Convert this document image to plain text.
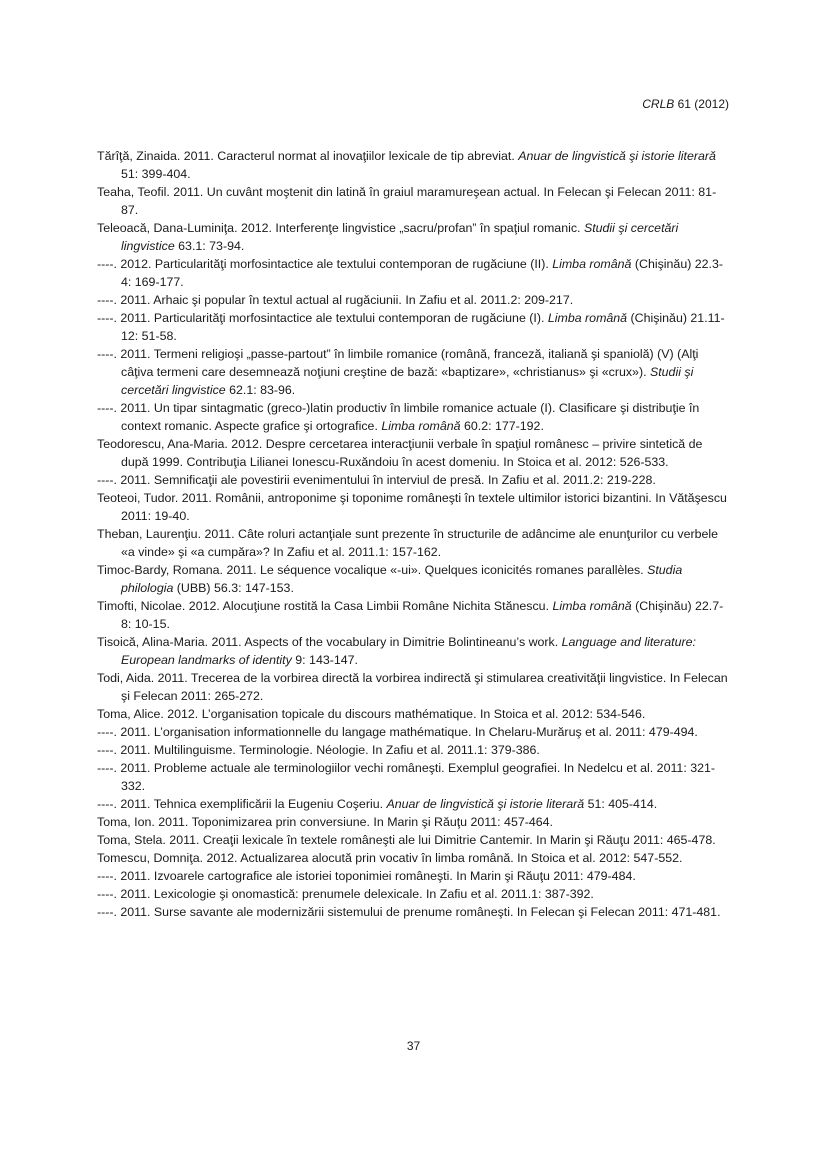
CRLB 61 (2012)

Tărîţă, Zinaida. 2011. Caracterul normat al inovaţiilor lexicale de tip abreviat. Anuar de lingvistică şi istorie literară 51: 399-404.

Teaha, Teofil. 2011. Un cuvânt moştenit din latină în graiul maramureşean actual. In Felecan şi Felecan 2011: 81-87.

Teleoacă, Dana-Luminiţa. 2012. Interferenţe lingvistice „sacru/profan” în spaţiul romanic. Studii şi cercetări lingvistice 63.1: 73-94.

----. 2012. Particularităţi morfosintactice ale textului contemporan de rugăciune (II). Limba română (Chişinău) 22.3-4: 169-177.

----. 2011. Arhaic şi popular în textul actual al rugăciunii. In Zafiu et al. 2011.2: 209-217.

----. 2011. Particularităţi morfosintactice ale textului contemporan de rugăciune (I). Limba română (Chişinău) 21.11-12: 51-58.

----. 2011. Termeni religioşi „passe-partout” în limbile romanice (română, franceză, italiană şi spaniolă) (V) (Alţi câţiva termeni care desemnează noţiuni creştine de bază: «baptizare», «christianus» şi «crux»). Studii şi cercetări lingvistice 62.1: 83-96.

----. 2011. Un tipar sintagmatic (greco-)latin productiv în limbile romanice actuale (I). Clasificare şi distribuţie în context romanic. Aspecte grafice şi ortografice. Limba română 60.2: 177-192.

Teodorescu, Ana-Maria. 2012. Despre cercetarea interacţiunii verbale în spaţiul românesc – privire sintetică de după 1999. Contribuţia Lilianei Ionescu-Ruxăndoiu în acest domeniu. In Stoica et al. 2012: 526-533.

----. 2011. Semnificaţii ale povestirii evenimentului în interviul de presă. In Zafiu et al. 2011.2: 219-228.

Teoteoi, Tudor. 2011. Românii, antroponime şi toponime româneşti în textele ultimilor istorici bizantini. In Vătăşescu 2011: 19-40.

Theban, Laurenţiu. 2011. Câte roluri actanţiale sunt prezente în structurile de adâncime ale enunţurilor cu verbele «a vinde» şi «a cumpăra»? In Zafiu et al. 2011.1: 157-162.

Timoc-Bardy, Romana. 2011. Le séquence vocalique «-ui». Quelques iconicités romanes parallèles. Studia philologia (UBB) 56.3: 147-153.

Timofti, Nicolae. 2012. Alocuţiune rostită la Casa Limbii Române Nichita Stănescu. Limba română (Chişinău) 22.7-8: 10-15.

Tisoică, Alina-Maria. 2011. Aspects of the vocabulary in Dimitrie Bolintineanu’s work. Language and literature: European landmarks of identity 9: 143-147.

Todi, Aida. 2011. Trecerea de la vorbirea directă la vorbirea indirectă şi stimularea creativităţii lingvistice. In Felecan şi Felecan 2011: 265-272.

Toma, Alice. 2012. L’organisation topicale du discours mathématique. In Stoica et al. 2012: 534-546.

----. 2011. L’organisation informationnelle du langage mathématique. In Chelaru-Murăruş et al. 2011: 479-494.

----. 2011. Multilinguisme. Terminologie. Néologie. In Zafiu et al. 2011.1: 379-386.

----. 2011. Probleme actuale ale terminologiilor vechi româneşti. Exemplul geografiei. In Nedelcu et al. 2011: 321-332.

----. 2011. Tehnica exemplificării la Eugeniu Coşeriu. Anuar de lingvistică şi istorie literară 51: 405-414.

Toma, Ion. 2011. Toponimizarea prin conversiune. In Marin şi Răuţu 2011: 457-464.

Toma, Stela. 2011. Creaţii lexicale în textele româneşti ale lui Dimitrie Cantemir. In Marin şi Răuţu 2011: 465-478.

Tomescu, Domniţa. 2012. Actualizarea alocută prin vocativ în limba română. In Stoica et al. 2012: 547-552.

----. 2011. Izvoarele cartografice ale istoriei toponimiei româneşti. In Marin şi Răuţu 2011: 479-484.

----. 2011. Lexicologie şi onomastică: prenumele delexicale. In Zafiu et al. 2011.1: 387-392.

----. 2011. Surse savante ale modernizării sistemului de prenume româneşti. In Felecan şi Felecan 2011: 471-481.

37
